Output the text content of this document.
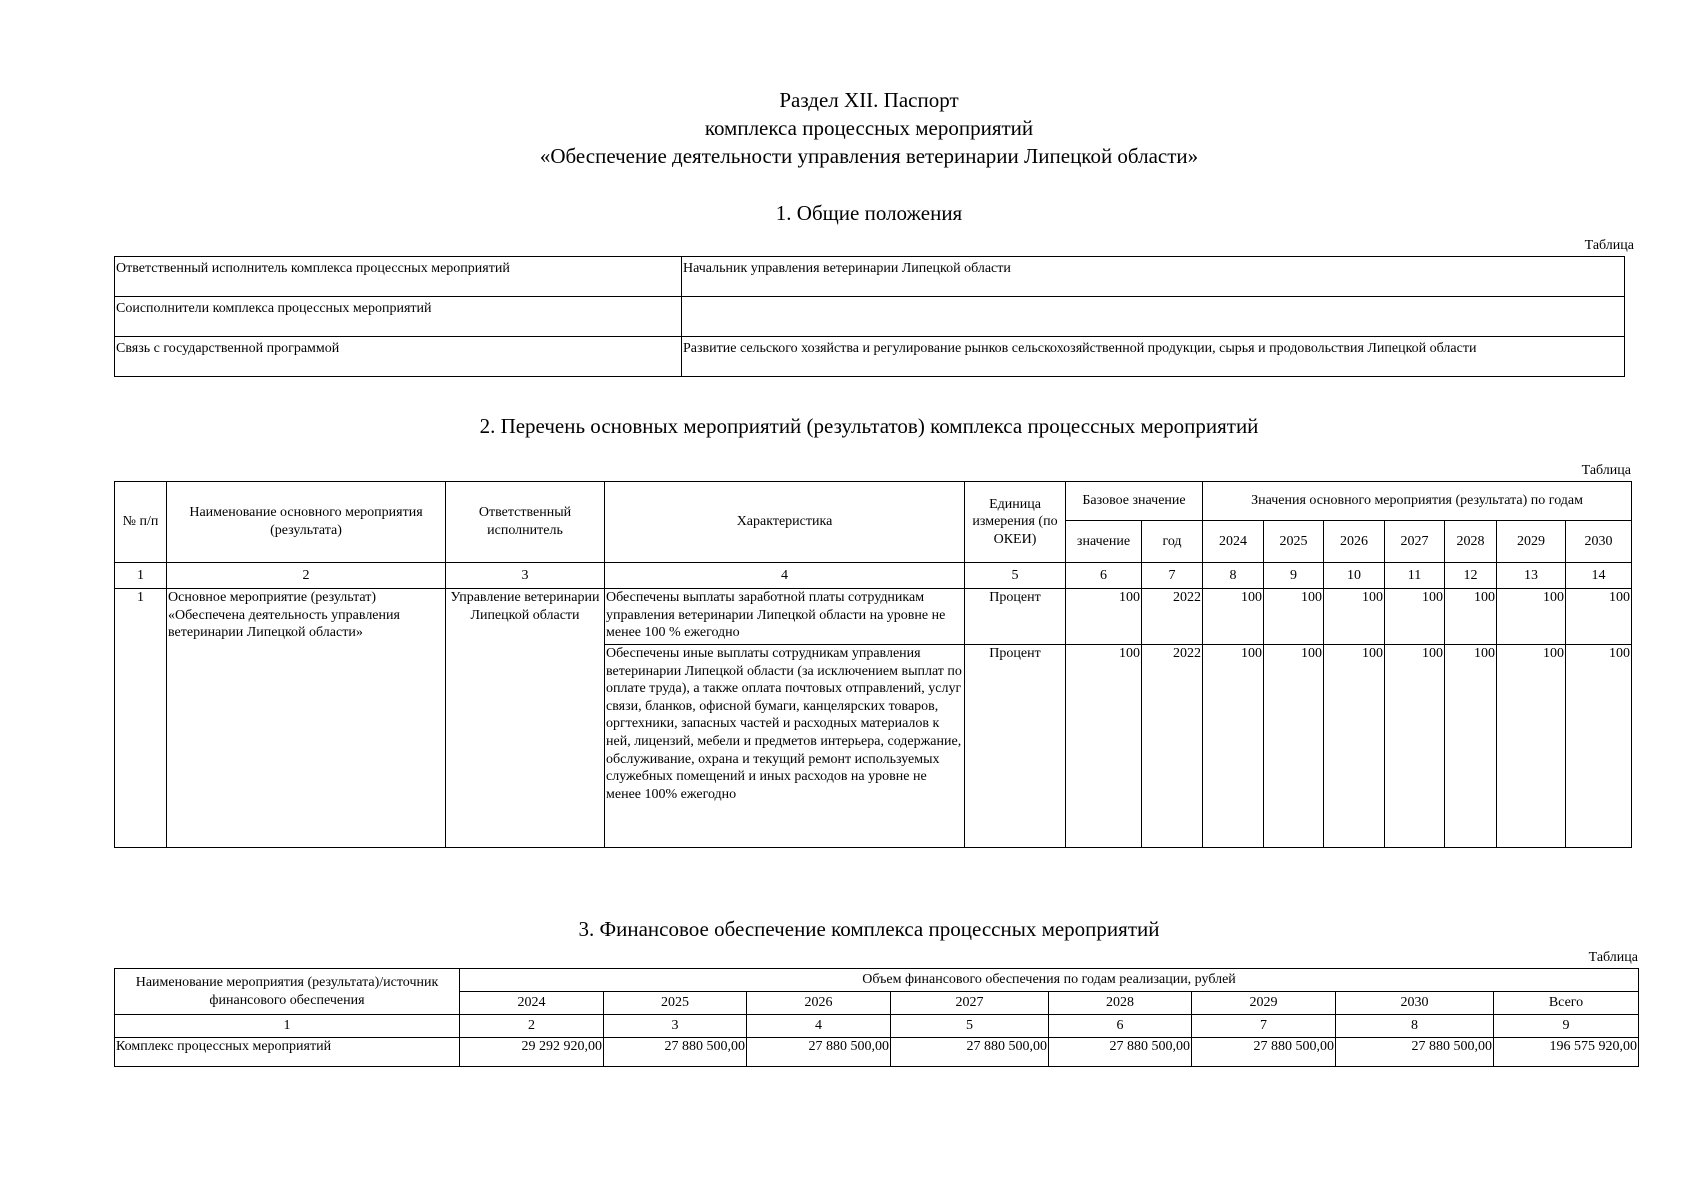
Раздел XII. Паспорт
комплекса процессных мероприятий
«Обеспечение деятельности управления ветеринарии Липецкой области»
1. Общие положения
Таблица
Ответственный исполнитель комплекса процессных мероприятий	Начальник управления ветеринарии Липецкой области
Соисполнители комплекса процессных мероприятий	
Связь с государственной программой	Развитие сельского хозяйства и регулирование рынков сельскохозяйственной продукции, сырья и продовольствия Липецкой области
2. Перечень основных мероприятий (результатов) комплекса процессных мероприятий
Таблица
№ п/п	Наименование основного мероприятия (результата)	Ответственный исполнитель	Характеристика	Единица измерения (по ОКЕИ)	Базовое значение		Значения основного мероприятия (результата) по годам						
					значение	год	2024	2025	2026	2027	2028	2029	2030
1	2	3	4	5	6	7	8	9	10	11	12	13	14
1	Основное мероприятие (результат) «Обеспечена деятельность управления ветеринарии Липецкой области»	Управление ветеринарии Липецкой области	Обеспечены выплаты заработной платы сотрудникам управления ветеринарии Липецкой области на уровне не менее 100 % ежегодно	Процент	100	2022	100	100	100	100	100	100	100
			Обеспечены иные выплаты сотрудникам управления ветеринарии Липецкой области (за исключением выплат по оплате труда), а также оплата почтовых отправлений, услуг связи, бланков, офисной бумаги, канцелярских товаров, оргтехники, запасных частей и расходных материалов к ней, лицензий, мебели и предметов интерьера, содержание, обслуживание, охрана и текущий ремонт используемых служебных помещений и иных расходов на уровне не менее 100% ежегодно	Процент	100	2022	100	100	100	100	100	100	100
3. Финансовое обеспечение комплекса процессных мероприятий
Таблица
Наименование мероприятия (результата)/источник финансового обеспечения	Объем финансового обеспечения по годам реализации, рублей							
	2024	2025	2026	2027	2028	2029	2030	Всего
1	2	3	4	5	6	7	8	9
Комплекс процессных мероприятий	29 292 920,00	27 880 500,00	27 880 500,00	27 880 500,00	27 880 500,00	27 880 500,00	27 880 500,00	196 575 920,00
